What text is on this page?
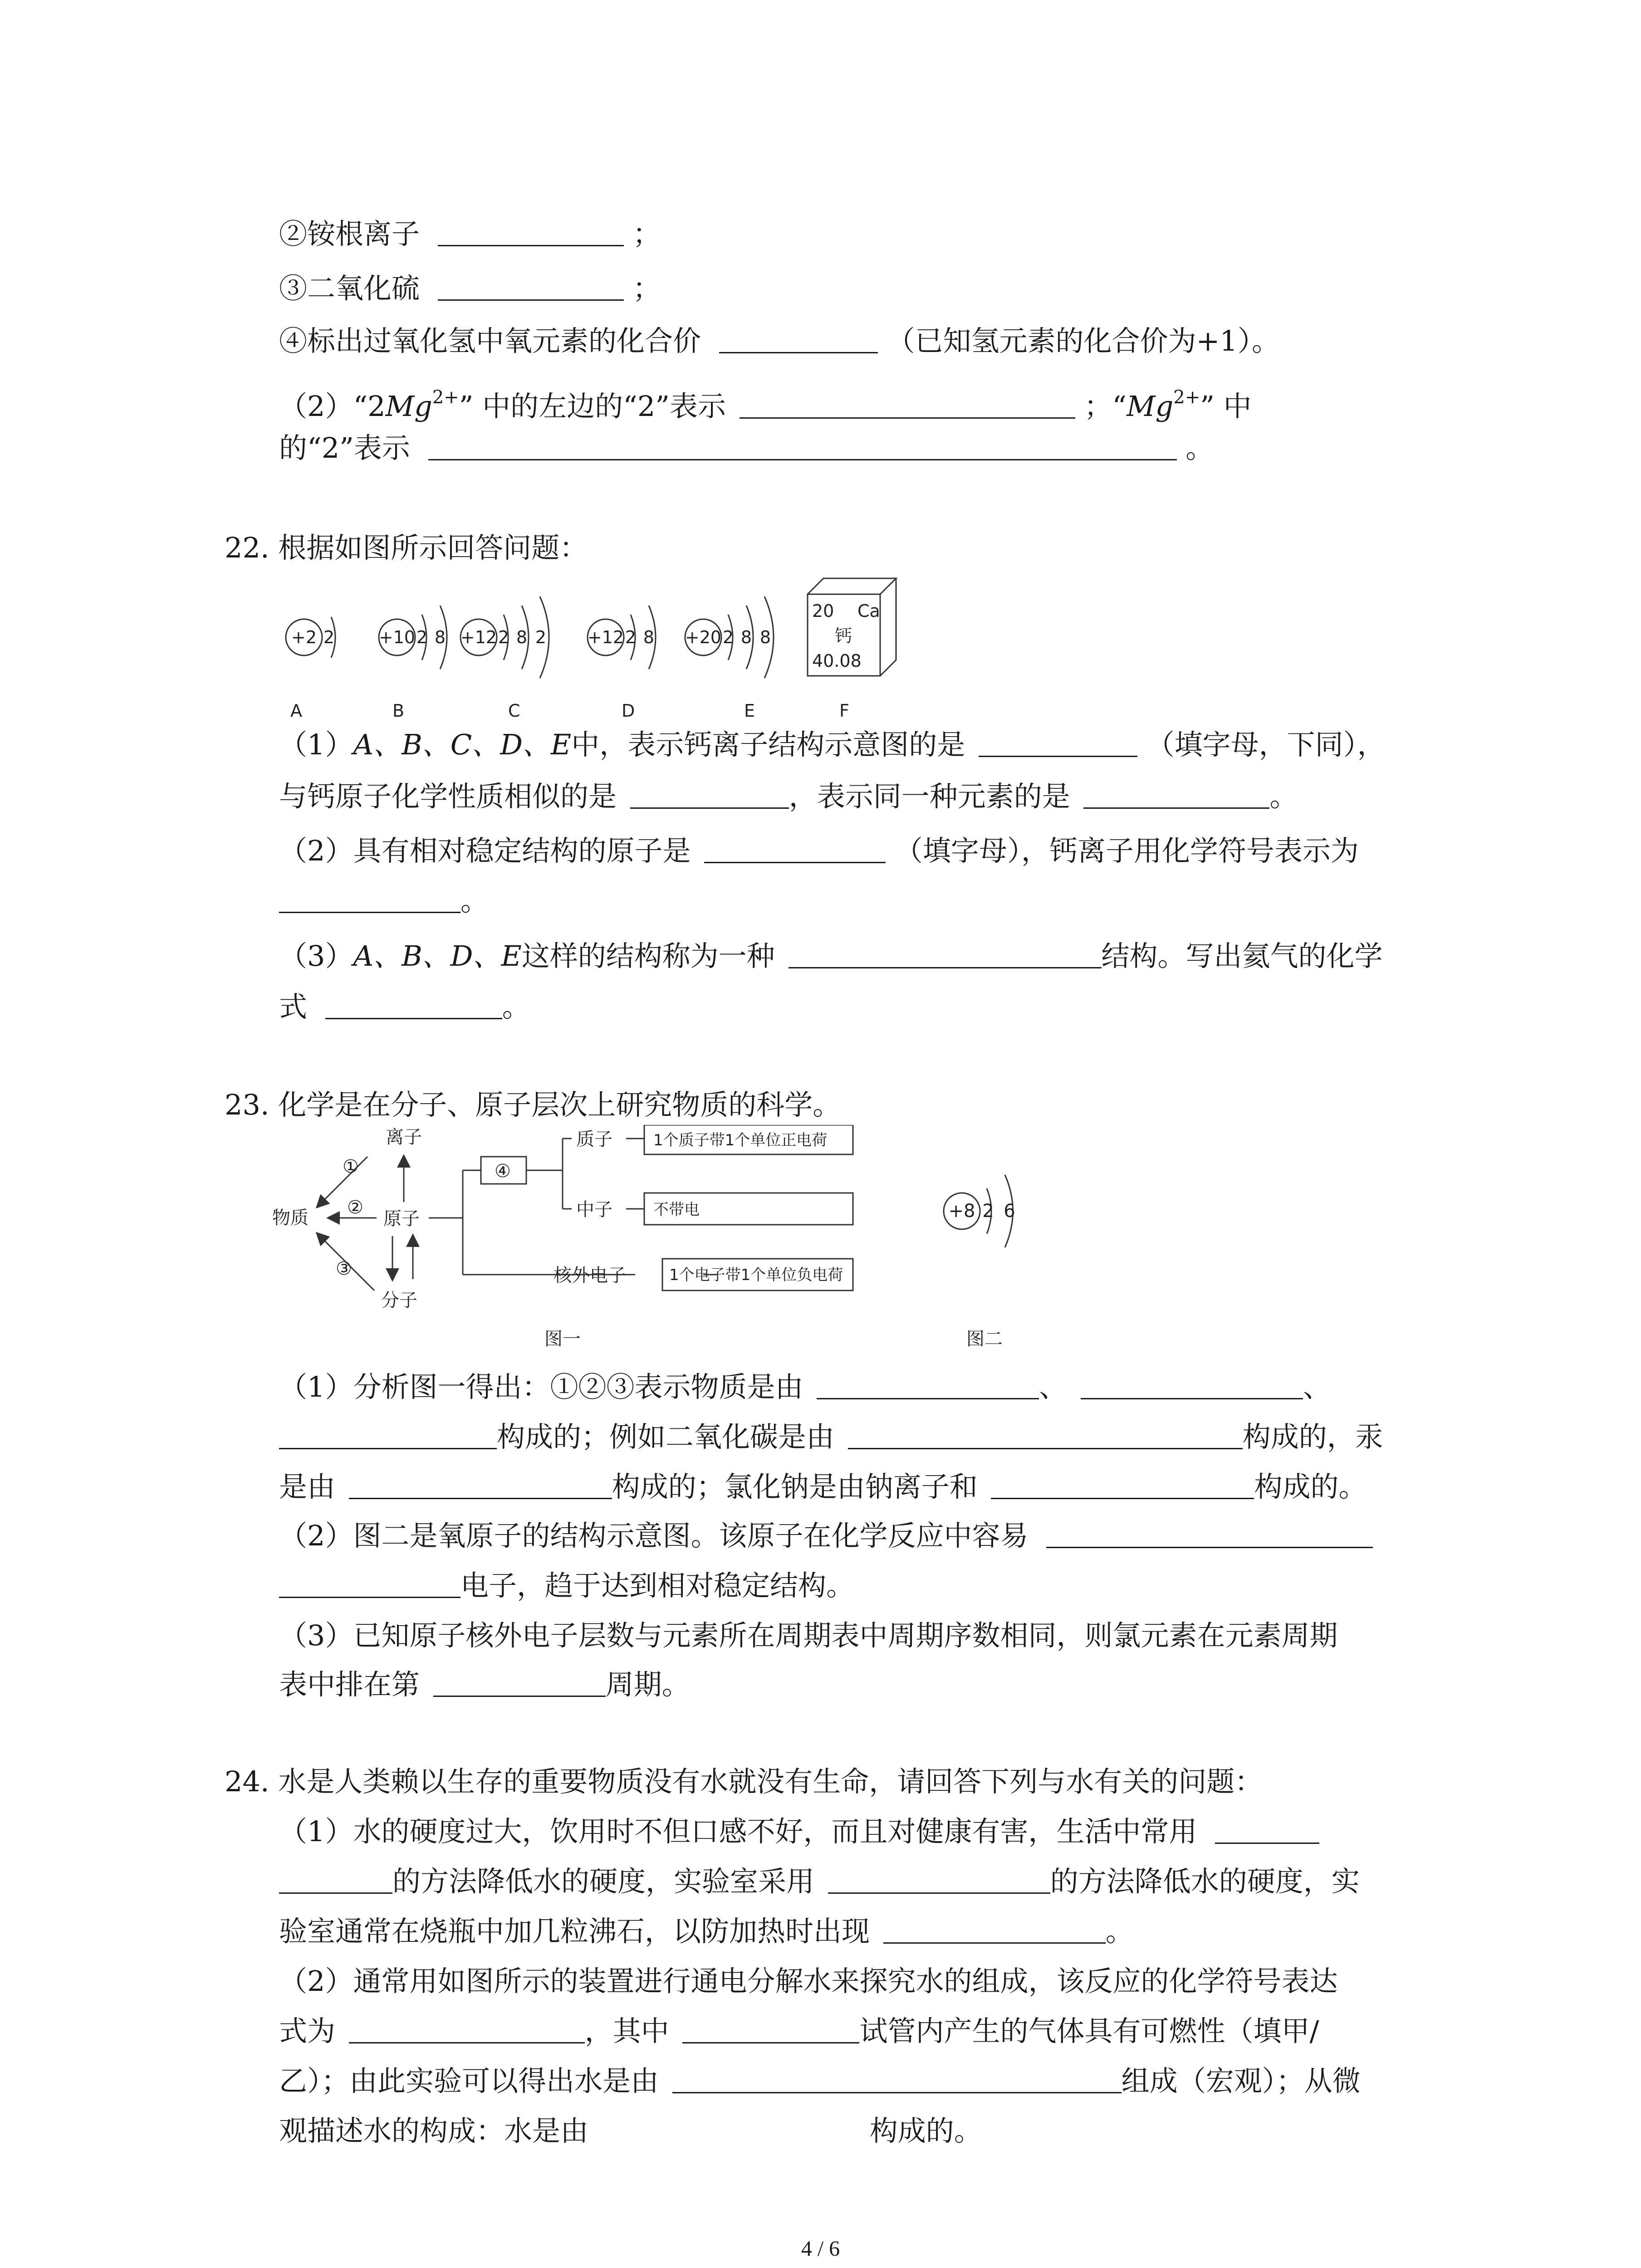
②铵根离子	；
③二氧化硫	；
④标出过氧化氢中氧元素的化合价	（已知氢元素的化合价为+1）。
$(2)“2Mg^{2+}$” 中的左边的“2”表示	；“$Mg^{2+}$” 中
的“2”表示	。
22. 根据如图所示回答问题：
+2 2	+10 2 8 +12 2 8 2 +12 2 8 +20 2 8 8
20 Ca
钙
40.08
A	B	C	D	E	F
（1）A、B、C、D、E中，表示钙离子结构示意图的是	（填字母，下同），
与钙原子化学性质相似的是	，表示同一种元素的是	。
（2）具有相对稳定结构的原子是	（填字母），钙离子用化学符号表示为
。
（3）A、B、D、E这样的结构称为一种	结构。写出氦气的化学
式	。
23. 化学是在分子、原子层次上研究物质的科学。
物质
离子
原子
分子
①
②
③
④
质子
中子
核外电子
1个质子带1个单位正电荷
不带电
1个电子带1个单位负电荷
+8 2 6
图一	图二
（1）分析图一得出：①②③表示物质是由	、	、
构成的；例如二氧化碳是由	构成的，汞
是由	构成的；氯化钠是由钠离子和	构成的。
（2）图二是氧原子的结构示意图。该原子在化学反应中容易
电子，趋于达到相对稳定结构。
（3）已知原子核外电子层数与元素所在周期表中周期序数相同，则氯元素在元素周期
表中排在第	周期。
24. 水是人类赖以生存的重要物质没有水就没有生命，请回答下列与水有关的问题：
（1）水的硬度过大，饮用时不但口感不好，而且对健康有害，生活中常用
的方法降低水的硬度，实验室采用	的方法降低水的硬度，实
验室通常在烧瓶中加几粒沸石，以防加热时出现	。
（2）通常用如图所示的装置进行通电分解水来探究水的组成，该反应的化学符号表达
式为	，其中	试管内产生的气体具有可燃性（填甲/
乙）；由此实验可以得出水是由	组成（宏观）；从微
观描述水的构成：水是由	构成的。
4 / 6
